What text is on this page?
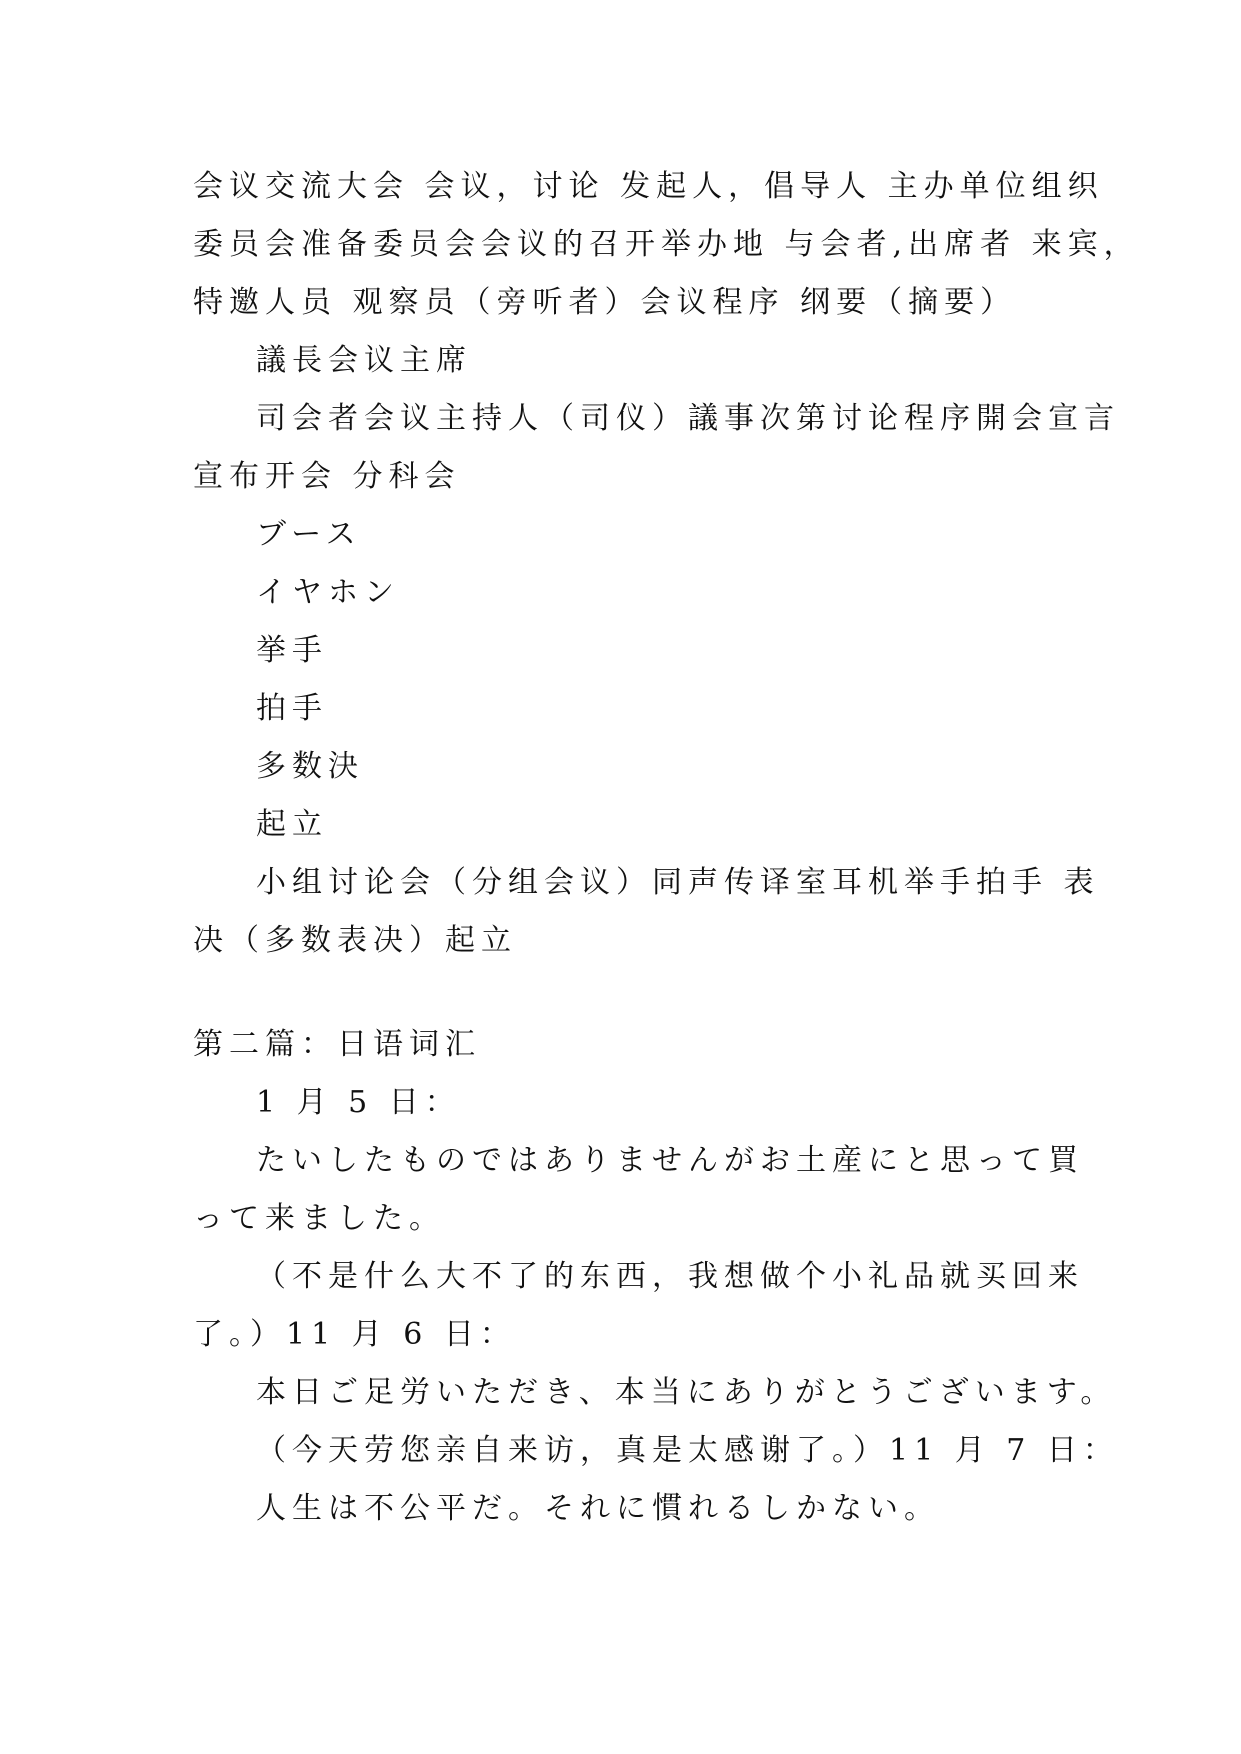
会议交流大会 会议，讨论 发起人，倡导人 主办单位组织
委员会准备委员会会议的召开举办地 与会者,出席者 来宾，
特邀人员 观察员（旁听者）会议程序 纲要（摘要）
議長会议主席
司会者会议主持人（司仪）議事次第讨论程序開会宣言
宣布开会 分科会
ブース
イヤホン
挙手
拍手
多数決
起立
小组讨论会（分组会议）同声传译室耳机举手拍手 表
决（多数表决）起立
第二篇：日语词汇
1 月 5 日：
たいしたものではありませんがお土産にと思って買
って来ました。
（不是什么大不了的东西，我想做个小礼品就买回来
了。）11 月 6 日：
本日ご足労いただき、本当にありがとうございます。
（今天劳您亲自来访，真是太感谢了。）11 月 7 日：
人生は不公平だ。それに慣れるしかない。
